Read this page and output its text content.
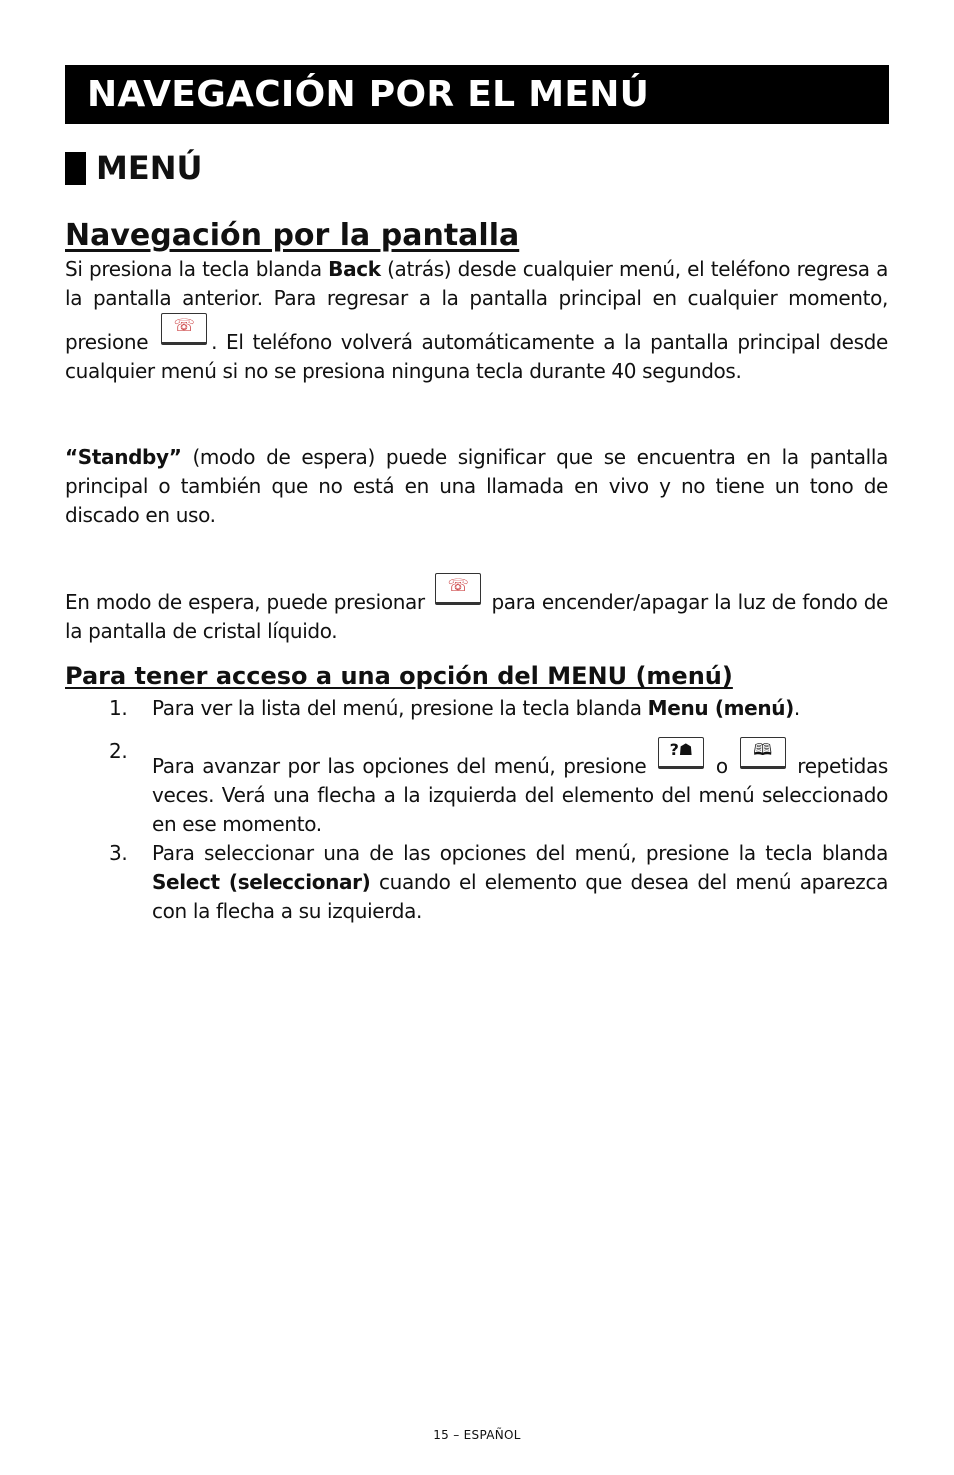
NAVEGACIÓN POR EL MENÚ
MENÚ
Navegación por la pantalla

Si presiona la tecla blanda Back (atrás) desde cualquier menú, el teléfono regresa a la pantalla anterior. Para regresar a la pantalla principal en cualquier momento, presione
☏
. El teléfono volverá automáticamente a la pantalla principal desde cualquier menú si no se presiona ninguna tecla durante 40 segundos.

“Standby” (modo de espera) puede significar que se encuentra en la pantalla principal o también que no está en una llamada en vivo y no tiene un tono de discado en uso.

En modo de espera, puede presionar
☏
para encender/apagar la luz de fondo de la pantalla de cristal líquido.

Para tener acceso a una opción del MENU (menú)
1. Para ver la lista del menú, presione la tecla blanda Menu (menú).
2.
Para avanzar por las opciones del menú, presione
?☗
o
🕮
repetidas veces. Verá una flecha a la izquierda del elemento del menú seleccionado en ese momento.
3. Para seleccionar una de las opciones del menú, presione la tecla blanda Select (seleccionar) cuando el elemento que desea del menú aparezca con la flecha a su izquierda.
15 – ESPAÑOL
